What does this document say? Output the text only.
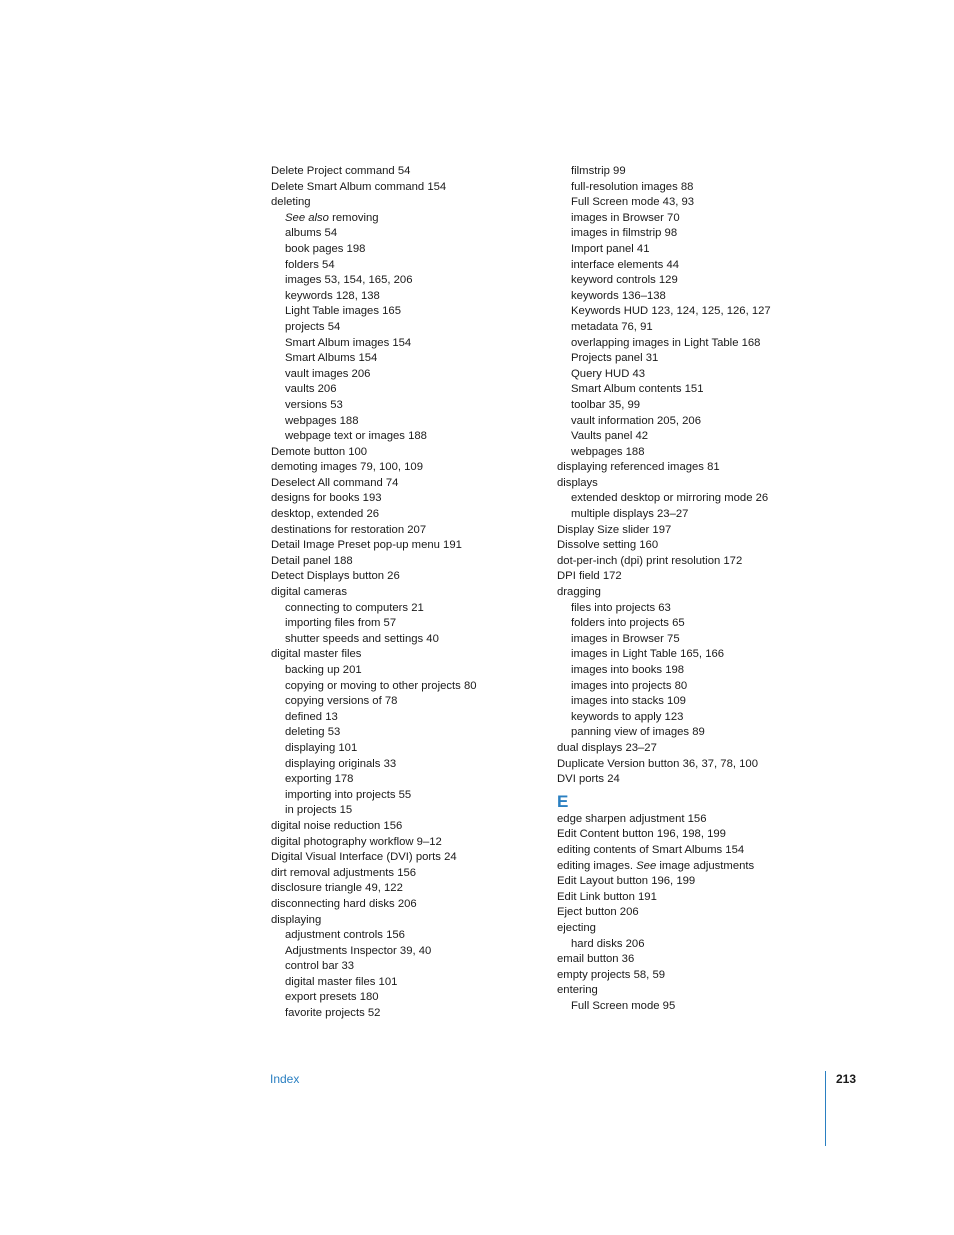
Delete Project command 54
Delete Smart Album command 154
deleting
See also removing
albums 54
book pages 198
folders 54
images 53, 154, 165, 206
keywords 128, 138
Light Table images 165
projects 54
Smart Album images 154
Smart Albums 154
vault images 206
vaults 206
versions 53
webpages 188
webpage text or images 188
Demote button 100
demoting images 79, 100, 109
Deselect All command 74
designs for books 193
desktop, extended 26
destinations for restoration 207
Detail Image Preset pop-up menu 191
Detail panel 188
Detect Displays button 26
digital cameras
connecting to computers 21
importing files from 57
shutter speeds and settings 40
digital master files
backing up 201
copying or moving to other projects 80
copying versions of 78
defined 13
deleting 53
displaying 101
displaying originals 33
exporting 178
importing into projects 55
in projects 15
digital noise reduction 156
digital photography workflow 9–12
Digital Visual Interface (DVI) ports 24
dirt removal adjustments 156
disclosure triangle 49, 122
disconnecting hard disks 206
displaying
adjustment controls 156
Adjustments Inspector 39, 40
control bar 33
digital master files 101
export presets 180
favorite projects 52
filmstrip 99
full-resolution images 88
Full Screen mode 43, 93
images in Browser 70
images in filmstrip 98
Import panel 41
interface elements 44
keyword controls 129
keywords 136–138
Keywords HUD 123, 124, 125, 126, 127
metadata 76, 91
overlapping images in Light Table 168
Projects panel 31
Query HUD 43
Smart Album contents 151
toolbar 35, 99
vault information 205, 206
Vaults panel 42
webpages 188
displaying referenced images 81
displays
extended desktop or mirroring mode 26
multiple displays 23–27
Display Size slider 197
Dissolve setting 160
dot-per-inch (dpi) print resolution 172
DPI field 172
dragging
files into projects 63
folders into projects 65
images in Browser 75
images in Light Table 165, 166
images into books 198
images into projects 80
images into stacks 109
keywords to apply 123
panning view of images 89
dual displays 23–27
Duplicate Version button 36, 37, 78, 100
DVI ports 24
E
edge sharpen adjustment 156
Edit Content button 196, 198, 199
editing contents of Smart Albums 154
editing images. See image adjustments
Edit Layout button 196, 199
Edit Link button 191
Eject button 206
ejecting
hard disks 206
email button 36
empty projects 58, 59
entering
Full Screen mode 95
Index	213
